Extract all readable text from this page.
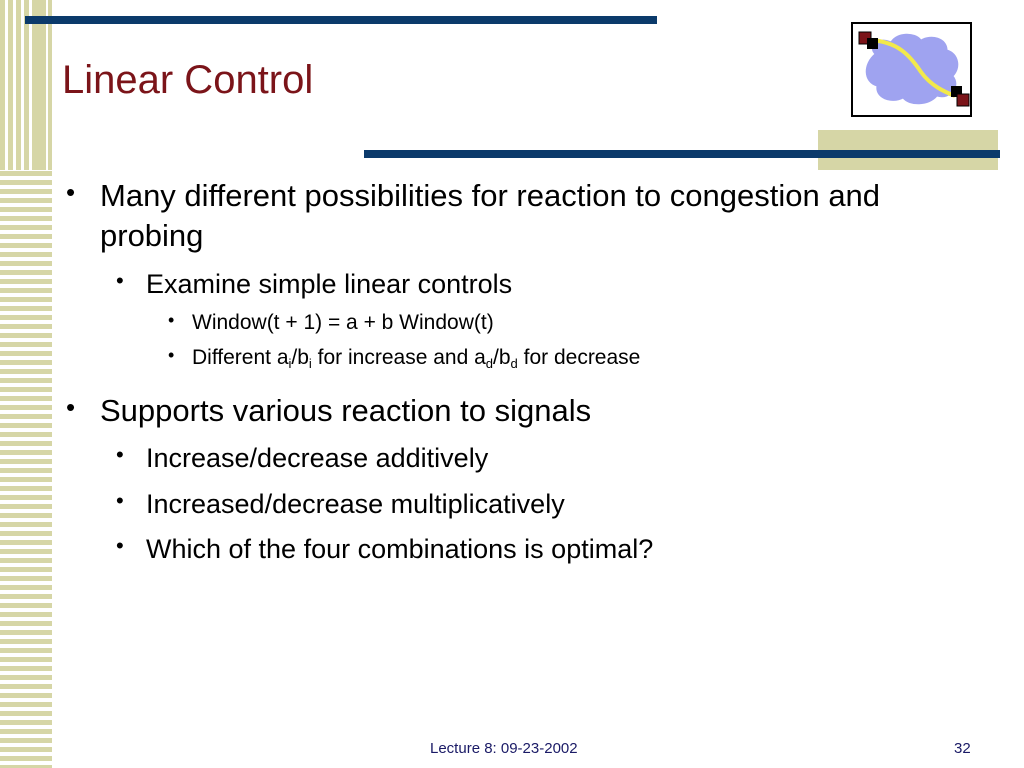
Linear Control
• Many different possibilities for reaction to congestion and probing
• Examine simple linear controls
• Window(t + 1) = a + b Window(t)
• Different $a_i/b_i$ for increase and $a_d/b_d$ for decrease
• Supports various reaction to signals
• Increase/decrease additively
• Increased/decrease multiplicatively
• Which of the four combinations is optimal?
Lecture 8: 09-23-2002	32
